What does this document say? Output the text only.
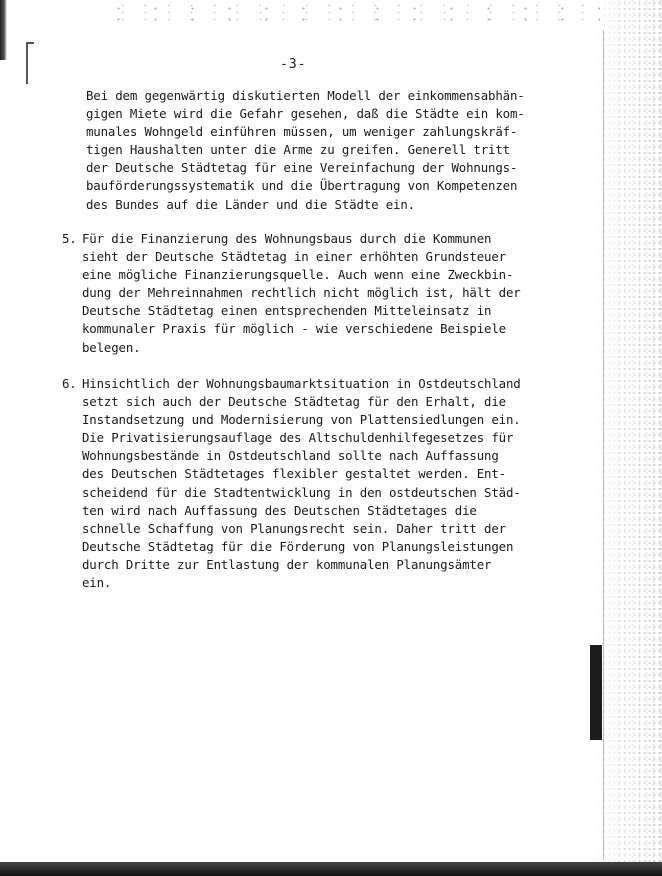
-3-

Bei dem gegenwärtig diskutierten Modell der einkommensabhän-
gigen Miete wird die Gefahr gesehen, daß die Städte ein kom-
munales Wohngeld einführen müssen, um weniger zahlungskräf-
tigen Haushalten unter die Arme zu greifen. Generell tritt
der Deutsche Städtetag für eine Vereinfachung der Wohnungs-
bauförderungssystematik und die Übertragung von Kompetenzen
des Bundes auf die Länder und die Städte ein.

5. Für die Finanzierung des Wohnungsbaus durch die Kommunen
sieht der Deutsche Städtetag in einer erhöhten Grundsteuer
eine mögliche Finanzierungsquelle. Auch wenn eine Zweckbin-
dung der Mehreinnahmen rechtlich nicht möglich ist, hält der
Deutsche Städtetag einen entsprechenden Mitteleinsatz in
kommunaler Praxis für möglich - wie verschiedene Beispiele
belegen.

6. Hinsichtlich der Wohnungsbaumarktsituation in Ostdeutschland
setzt sich auch der Deutsche Städtetag für den Erhalt, die
Instandsetzung und Modernisierung von Plattensiedlungen ein.
Die Privatisierungsauflage des Altschuldenhilfegesetzes für
Wohnungsbestände in Ostdeutschland sollte nach Auffassung
des Deutschen Städtetages flexibler gestaltet werden. Ent-
scheidend für die Stadtentwicklung in den ostdeutschen Städ-
ten wird nach Auffassung des Deutschen Städtetages die
schnelle Schaffung von Planungsrecht sein. Daher tritt der
Deutsche Städtetag für die Förderung von Planungsleistungen
durch Dritte zur Entlastung der kommunalen Planungsämter
ein.
